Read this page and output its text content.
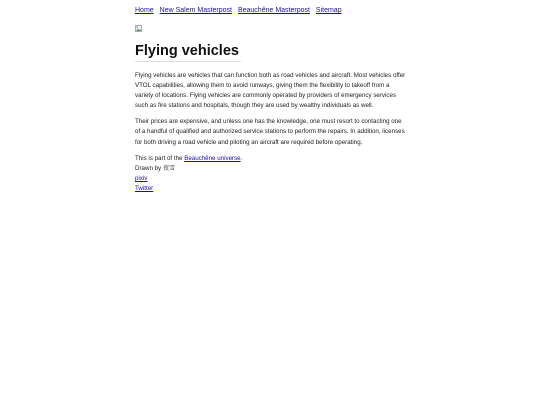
Home New Salem Masterpost Beauchêne Masterpost Sitemap
Flying vehicles

Flying vehicles are vehicles that can function both as road vehicles and aircraft. Most vehicles offer VTOL capabilities, allowing them to avoid runways, giving them the flexibility to takeoff from a variety of locations. Flying vehicles are commonly operated by providers of emergency services such as fire stations and hospitals, though they are used by wealthy individuals as well.

Their prices are expensive, and unless one has the knowledge, one must resort to contacting one of a handful of qualified and authorized service stations to perform the repairs. In addition, licenses for both driving a road vehicle and piloting an aircraft are required before operating.

This is part of the Beauchêne universe.
Drawn by 夜雪
pixiv
Twitter
